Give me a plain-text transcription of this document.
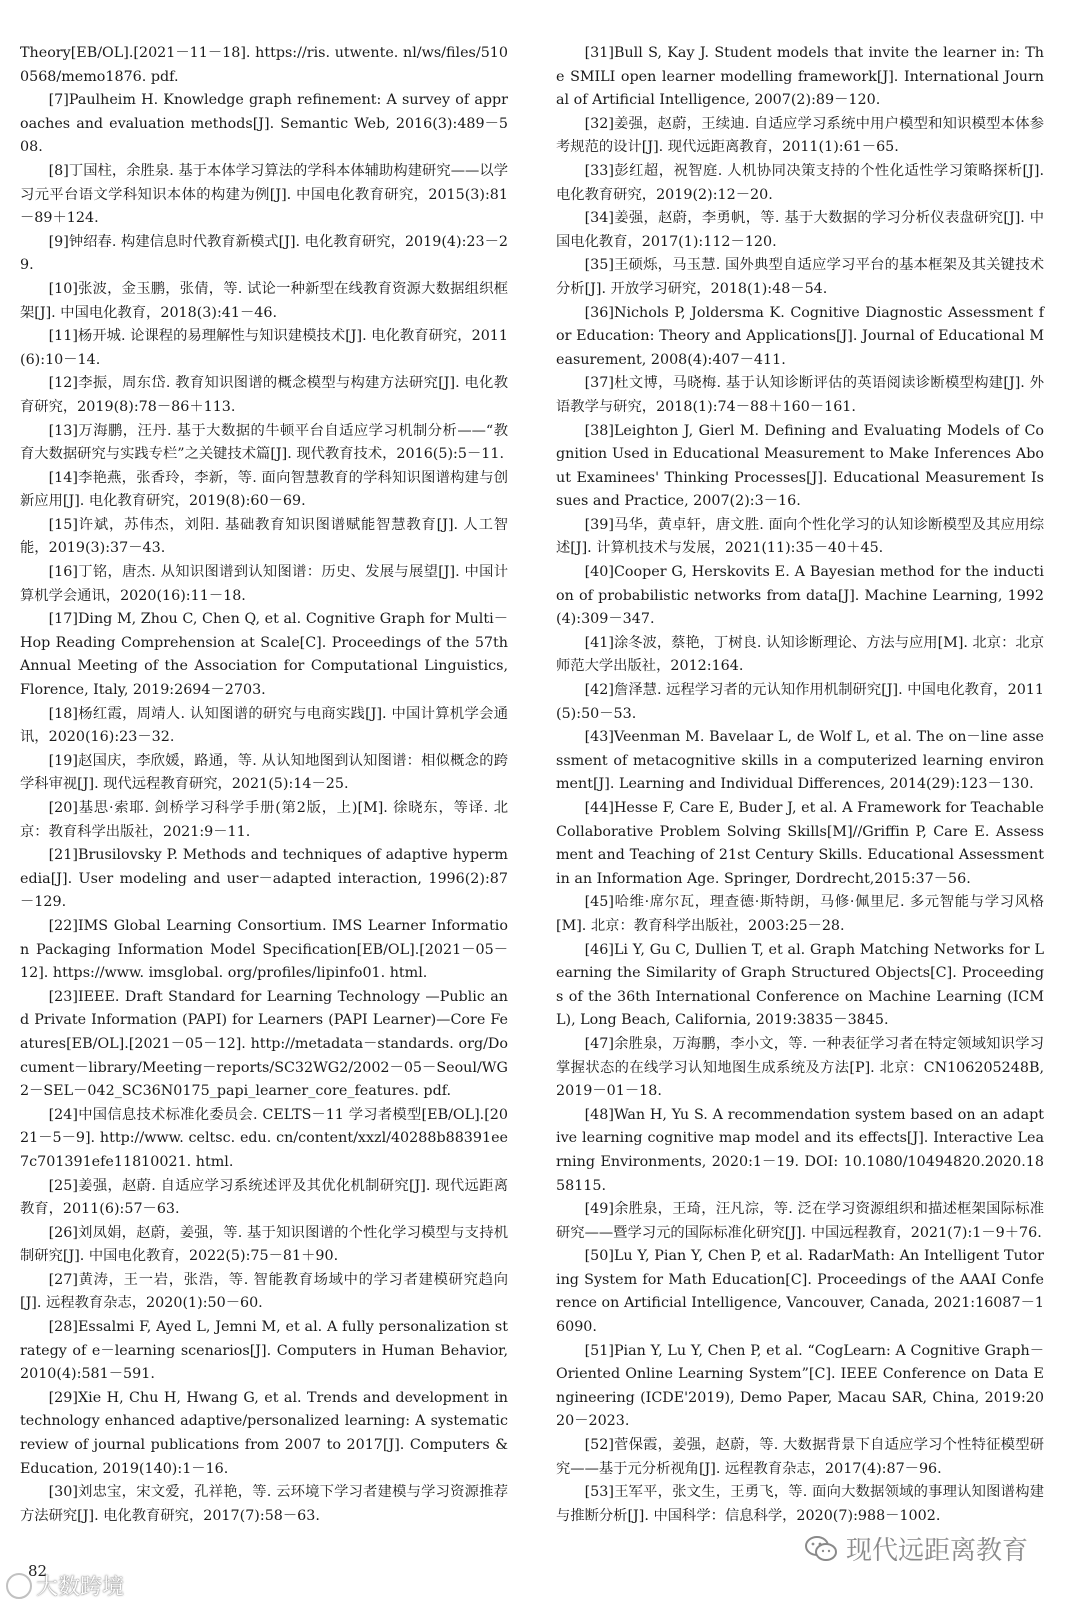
Theory[EB/OL].[2021－11－18]. https://ris. utwente. nl/ws/files/5100568/memo1876. pdf.

[7]Paulheim H. Knowledge graph refinement: A survey of approaches and evaluation methods[J]. Semantic Web, 2016(3):489－508.

[8]丁国柱，余胜泉. 基于本体学习算法的学科本体辅助构建研究——以学习元平台语文学科知识本体的构建为例[J]. 中国电化教育研究，2015(3):81－89＋124.

[9]钟绍春. 构建信息时代教育新模式[J]. 电化教育研究，2019(4):23－29.

[10]张波，金玉鹏，张倩，等. 试论一种新型在线教育资源大数据组织框架[J]. 中国电化教育，2018(3):41－46.

[11]杨开城. 论课程的易理解性与知识建模技术[J]. 电化教育研究，2011(6):10－14.

[12]李振，周东岱. 教育知识图谱的概念模型与构建方法研究[J]. 电化教育研究，2019(8):78－86＋113.

[13]万海鹏，汪丹. 基于大数据的牛顿平台自适应学习机制分析——“教育大数据研究与实践专栏”之关键技术篇[J]. 现代教育技术，2016(5):5－11.

[14]李艳燕，张香玲，李新，等. 面向智慧教育的学科知识图谱构建与创新应用[J]. 电化教育研究，2019(8):60－69.

[15]许斌，苏伟杰，刘阳. 基础教育知识图谱赋能智慧教育[J]. 人工智能，2019(3):37－43.

[16]丁铭，唐杰. 从知识图谱到认知图谱：历史、发展与展望[J]. 中国计算机学会通讯，2020(16):11－18.

[17]Ding M, Zhou C, Chen Q, et al. Cognitive Graph for Multi－Hop Reading Comprehension at Scale[C]. Proceedings of the 57th Annual Meeting of the Association for Computational Linguistics, Florence, Italy, 2019:2694－2703.

[18]杨红霞，周靖人. 认知图谱的研究与电商实践[J]. 中国计算机学会通讯，2020(16):23－32.

[19]赵国庆，李欣媛，路通，等. 从认知地图到认知图谱：相似概念的跨学科审视[J]. 现代远程教育研究，2021(5):14－25.

[20]基思·索耶. 剑桥学习科学手册(第2版，上)[M]. 徐晓东，等译. 北京：教育科学出版社，2021:9－11.

[21]Brusilovsky P. Methods and techniques of adaptive hypermedia[J]. User modeling and user－adapted interaction, 1996(2):87－129.

[22]IMS Global Learning Consortium. IMS Learner Information Packaging Information Model Specification[EB/OL].[2021－05－12]. https://www. imsglobal. org/profiles/lipinfo01. html.

[23]IEEE. Draft Standard for Learning Technology —Public and Private Information (PAPI) for Learners (PAPI Learner)—Core Features[EB/OL].[2021－05－12]. http://metadata－standards. org/Document－library/Meeting－reports/SC32WG2/2002－05－Seoul/WG2－SEL－042_SC36N0175_papi_learner_core_features. pdf.

[24]中国信息技术标准化委员会. CELTS－11 学习者模型[EB/OL].[2021－5－9]. http://www. celtsc. edu. cn/content/xxzl/40288b88391ee7c701391efe11810021. html.

[25]姜强，赵蔚. 自适应学习系统述评及其优化机制研究[J]. 现代远距离教育，2011(6):57－63.

[26]刘凤娟，赵蔚，姜强，等. 基于知识图谱的个性化学习模型与支持机制研究[J]. 中国电化教育，2022(5):75－81＋90.

[27]黄涛，王一岩，张浩，等. 智能教育场域中的学习者建模研究趋向[J]. 远程教育杂志，2020(1):50－60.

[28]Essalmi F, Ayed L, Jemni M, et al. A fully personalization strategy of e－learning scenarios[J]. Computers in Human Behavior, 2010(4):581－591.

[29]Xie H, Chu H, Hwang G, et al. Trends and development in technology enhanced adaptive/personalized learning: A systematic review of journal publications from 2007 to 2017[J]. Computers & Education, 2019(140):1－16.

[30]刘忠宝，宋文爱，孔祥艳，等. 云环境下学习者建模与学习资源推荐方法研究[J]. 电化教育研究，2017(7):58－63.

[31]Bull S, Kay J. Student models that invite the learner in: The SMILI open learner modelling framework[J]. International Journal of Artificial Intelligence, 2007(2):89－120.

[32]姜强，赵蔚，王续迪. 自适应学习系统中用户模型和知识模型本体参考规范的设计[J]. 现代远距离教育，2011(1):61－65.

[33]彭红超，祝智庭. 人机协同决策支持的个性化适性学习策略探析[J]. 电化教育研究，2019(2):12－20.

[34]姜强，赵蔚，李勇帆，等. 基于大数据的学习分析仪表盘研究[J]. 中国电化教育，2017(1):112－120.

[35]王硕烁，马玉慧. 国外典型自适应学习平台的基本框架及其关键技术分析[J]. 开放学习研究，2018(1):48－54.

[36]Nichols P, Joldersma K. Cognitive Diagnostic Assessment for Education: Theory and Applications[J]. Journal of Educational Measurement, 2008(4):407－411.

[37]杜文博，马晓梅. 基于认知诊断评估的英语阅读诊断模型构建[J]. 外语教学与研究，2018(1):74－88＋160－161.

[38]Leighton J, Gierl M. Defining and Evaluating Models of Cognition Used in Educational Measurement to Make Inferences About Examinees' Thinking Processes[J]. Educational Measurement Issues and Practice, 2007(2):3－16.

[39]马华，黄卓轩，唐文胜. 面向个性化学习的认知诊断模型及其应用综述[J]. 计算机技术与发展，2021(11):35－40＋45.

[40]Cooper G, Herskovits E. A Bayesian method for the induction of probabilistic networks from data[J]. Machine Learning, 1992(4):309－347.

[41]涂冬波，蔡艳，丁树良. 认知诊断理论、方法与应用[M]. 北京：北京师范大学出版社，2012:164.

[42]詹泽慧. 远程学习者的元认知作用机制研究[J]. 中国电化教育，2011(5):50－53.

[43]Veenman M. Bavelaar L, de Wolf L, et al. The on－line assessment of metacognitive skills in a computerized learning environment[J]. Learning and Individual Differences, 2014(29):123－130.

[44]Hesse F, Care E, Buder J, et al. A Framework for Teachable Collaborative Problem Solving Skills[M]//Griffin P, Care E. Assessment and Teaching of 21st Century Skills. Educational Assessment in an Information Age. Springer, Dordrecht,2015:37－56.

[45]哈维·席尔瓦，理查德·斯特朗，马修·佩里尼. 多元智能与学习风格[M]. 北京：教育科学出版社，2003:25－28.

[46]Li Y, Gu C, Dullien T, et al. Graph Matching Networks for Learning the Similarity of Graph Structured Objects[C]. Proceedings of the 36th International Conference on Machine Learning (ICML), Long Beach, California, 2019:3835－3845.

[47]余胜泉，万海鹏，李小文，等. 一种表征学习者在特定领域知识学习掌握状态的在线学习认知地图生成系统及方法[P]. 北京：CN106205248B,2019－01－18.

[48]Wan H, Yu S. A recommendation system based on an adaptive learning cognitive map model and its effects[J]. Interactive Learning Environments, 2020:1－19. DOI: 10.1080/10494820.2020.1858115.

[49]余胜泉，王琦，汪凡淙，等. 泛在学习资源组织和描述框架国际标准研究——暨学习元的国际标准化研究[J]. 中国远程教育，2021(7):1－9＋76.

[50]Lu Y, Pian Y, Chen P, et al. RadarMath: An Intelligent Tutoring System for Math Education[C]. Proceedings of the AAAI Conference on Artificial Intelligence, Vancouver, Canada, 2021:16087－16090.

[51]Pian Y, Lu Y, Chen P, et al. “CogLearn: A Cognitive Graph－Oriented Online Learning System”[C]. IEEE Conference on Data Engineering (ICDE'2019), Demo Paper, Macau SAR, China, 2019:2020－2023.

[52]菅保霞，姜强，赵蔚，等. 大数据背景下自适应学习个性特征模型研究——基于元分析视角[J]. 远程教育杂志，2017(4):87－96.

[53]王军平，张文生，王勇飞，等. 面向大数据领域的事理认知图谱构建与推断分析[J]. 中国科学：信息科学，2020(7):988－1002.

82
大数跨境
现代远距离教育
